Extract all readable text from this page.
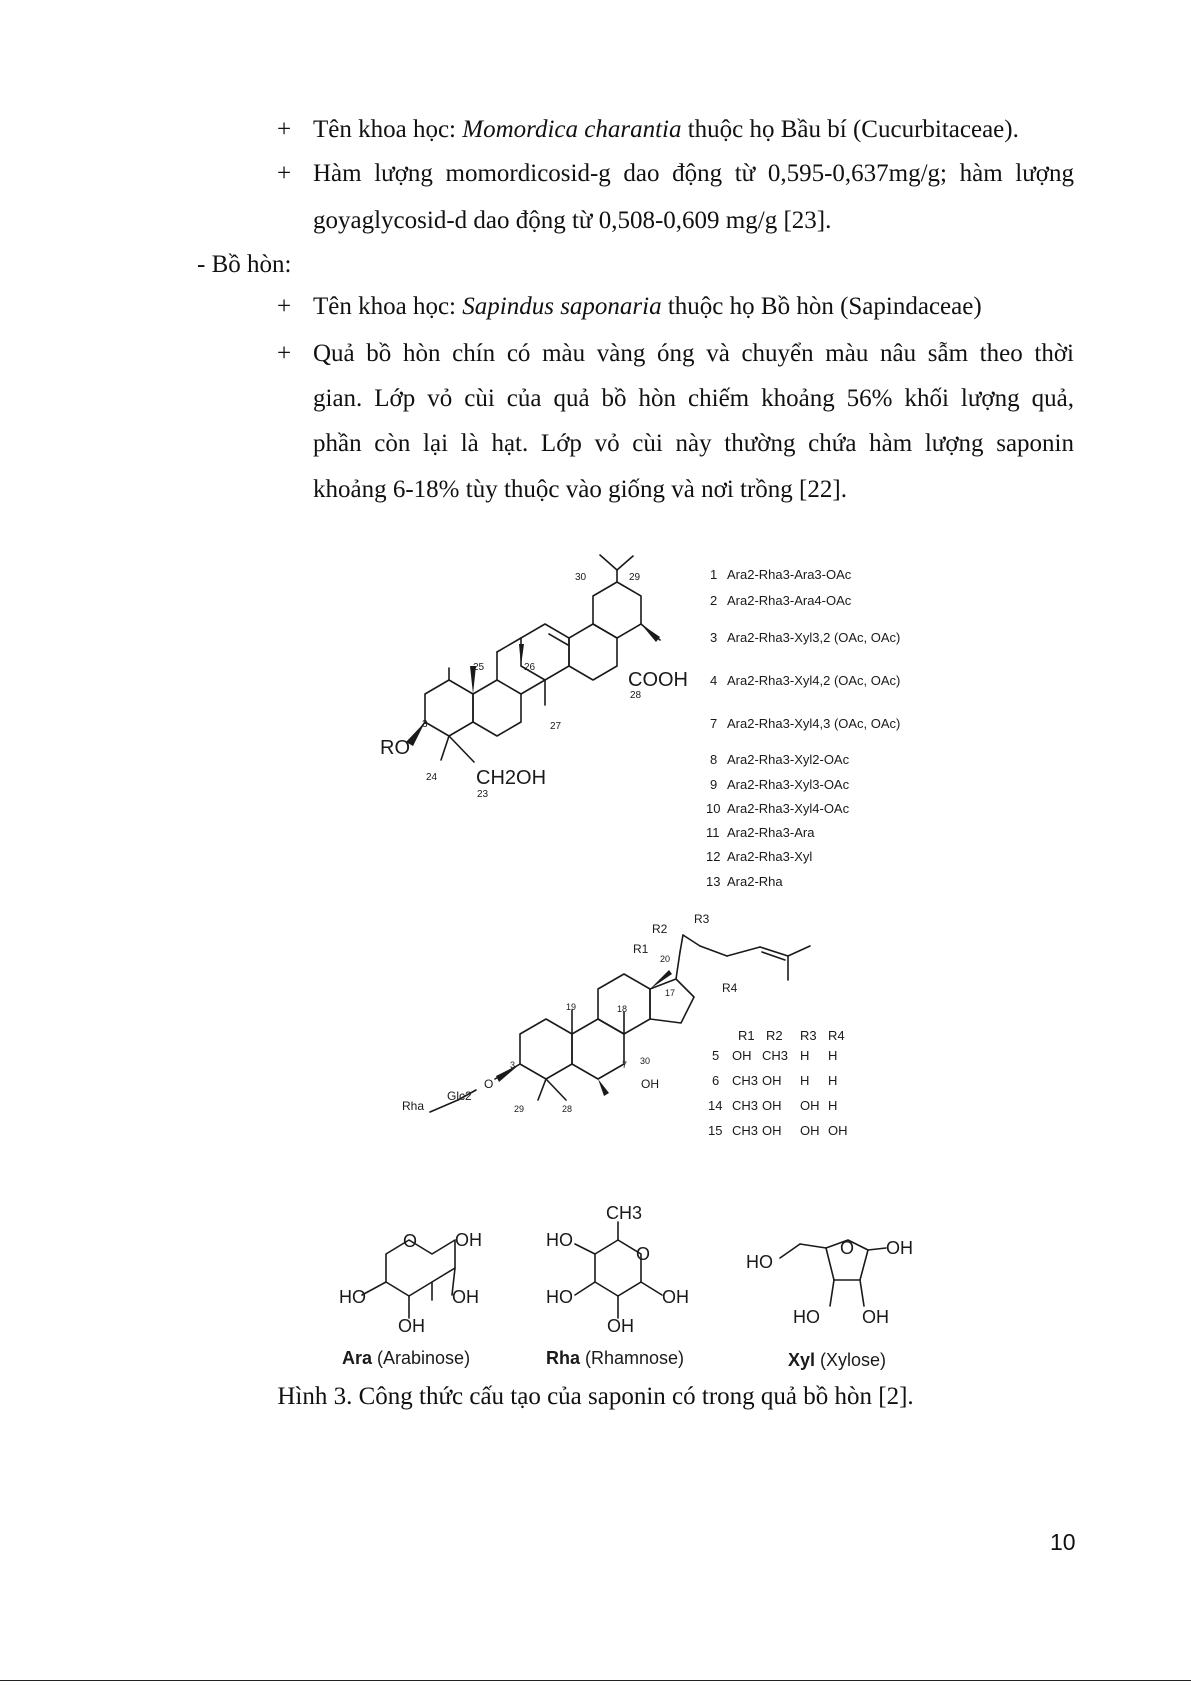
+ Tên khoa học: Momordica charantia thuộc họ Bầu bí (Cucurbitaceae).
+ Hàm lượng momordicosid-g dao động từ 0,595-0,637mg/g; hàm lượng
goyaglycosid-d dao động từ 0,508-0,609 mg/g [23].
- Bồ hòn:
+ Tên khoa học: Sapindus saponaria thuộc họ Bồ hòn (Sapindaceae)
+ Quả bồ hòn chín có màu vàng óng và chuyển màu nâu sẫm theo thời
gian. Lớp vỏ cùi của quả bồ hòn chiếm khoảng 56% khối lượng quả,
phần còn lại là hạt. Lớp vỏ cùi này thường chứa hàm lượng saponin
khoảng 6-18% tùy thuộc vào giống và nơi trồng [22].
RO
COOH
CH2OH
30	29
25	26
28
27
3
24
23
R1
R2
R3
R4
OH
O
Glc2
Rha
20
17
19	18
3	7 30
29	28
O OH
HO	OH
OH
CH3
O
HO
HO	OH
OH
O
HO
OH
HO OH
Ara (Arabinose)	Rha (Rhamnose)	Xyl (Xylose)
1 Ara2-Rha3-Ara3-OAc
2 Ara2-Rha3-Ara4-OAc
3 Ara2-Rha3-Xyl3,2 (OAc, OAc)
4 Ara2-Rha3-Xyl4,2 (OAc, OAc)
7 Ara2-Rha3-Xyl4,3 (OAc, OAc)
8 Ara2-Rha3-Xyl2-OAc
9 Ara2-Rha3-Xyl3-OAc
10 Ara2-Rha3-Xyl4-OAc
11 Ara2-Rha3-Ara
12 Ara2-Rha3-Xyl
13 Ara2-Rha
R1 R2 R3 R4
5 OH CH3 H H
6 CH3 OH H H
14 CH3 OH OH H
15 CH3 OH OH OH
Hình 3. Công thức cấu tạo của saponin có trong quả bồ hòn [2].
10
